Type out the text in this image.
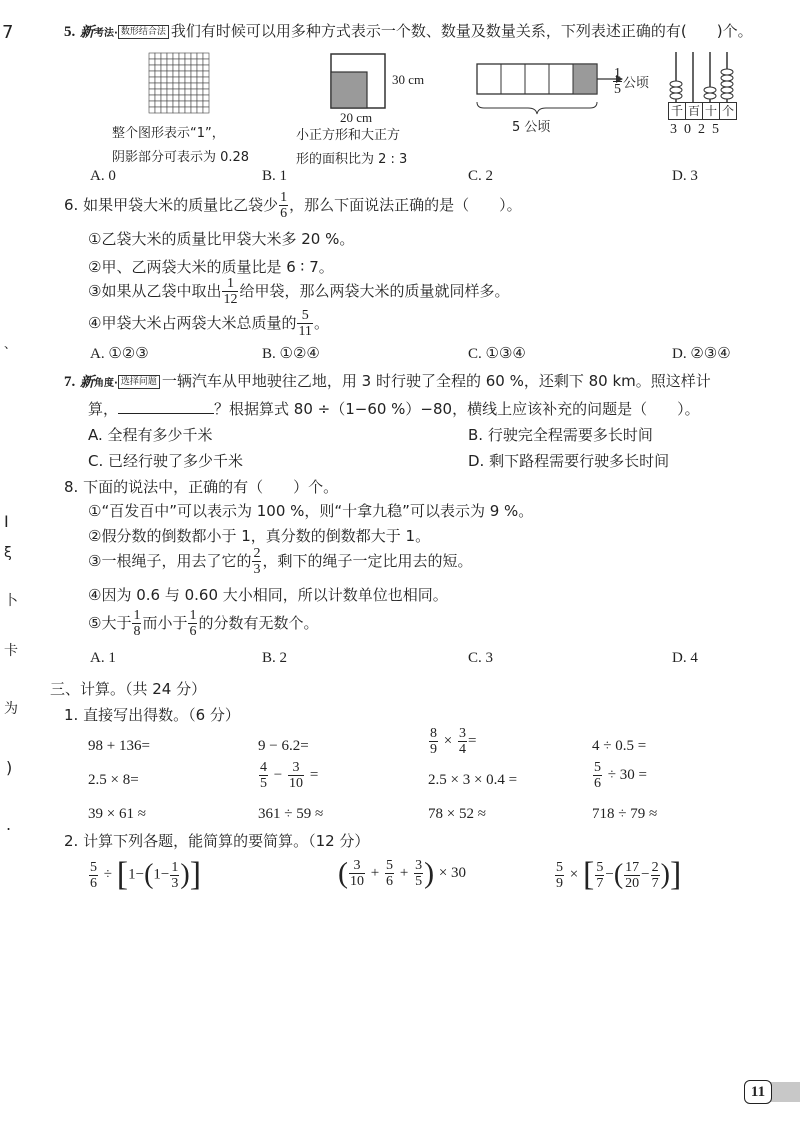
7
、
I
ξ
卜
卡
为
)
.
5. 新考法· 数形结合法 我们有时候可以用多种方式表示一个数、数量及数量关系，下列表述正确的有(　　)个。
整个图形表示“1”，
阴影部分可表示为 0.28
30 cm
20 cm
小正方形和大正方
形的面积比为 2 : 3
$\frac{1}{5}$ 公顷
5 公顷
千 百 十 个
3025
A. 0	B. 1	C. 2	D. 3
6. 如果甲袋大米的质量比乙袋少 $\frac{1}{6}$ ，那么下面说法正确的是（　　）。
①乙袋大米的质量比甲袋大米多 20 %。
②甲、乙两袋大米的质量比是 6 ∶ 7。
③如果从乙袋中取出 $\frac{1}{12}$ 给甲袋，那么两袋大米的质量就同样多。
④甲袋大米占两袋大米总质量的 $\frac{5}{11}$ 。
A. ①②③	B. ①②④	C. ①③④	D. ②③④
7. 新角度· 选择问题 一辆汽车从甲地驶往乙地，用 3 时行驶了全程的 60 %，还剩下 80 km。照这样计
算，	？根据算式 80 ÷（1−60 %）−80，横线上应该补充的问题是（　　）。
A. 全程有多少千米	B. 行驶完全程需要多长时间
C. 已经行驶了多少千米	D. 剩下路程需要行驶多长时间
8. 下面的说法中，正确的有（　　）个。
①“百发百中”可以表示为 100 %，则“十拿九稳”可以表示为 9 %。
②假分数的倒数都小于 1，真分数的倒数都大于 1。
③一根绳子，用去了它的 $\frac{2}{3}$ ，剩下的绳子一定比用去的短。
④因为 0.6 与 0.60 大小相同，所以计数单位也相同。
⑤大于 $\frac{1}{8}$ 而小于 $\frac{1}{6}$ 的分数有无数个。
A. 1	B. 2	C. 3	D. 4
三、计算。（共 24 分）
1. 直接写出得数。（6 分）
98 + 136=	9 − 6.2=	$\frac{8}{9} \times \frac{3}{4}$ =	4 ÷ 0.5 =
2.5 × 8=	$\frac{4}{5} - \frac{3}{10}$ =	2.5 × 3 × 0.4 =	$\frac{5}{6} \div 30$ =
39 × 61 ≈	361 ÷ 59 ≈	78 × 52 ≈	718 ÷ 79 ≈
2. 计算下列各题，能简算的要简算。（12 分）
$\frac{5}{6} \div [1-(1- \frac{1}{3}$ )]	( $\frac{3}{10} + \frac{5}{6} + \frac{3}{5}$ ) × 30	$\frac{5}{9}$ × [ $\frac{5}{7}$ −( $\frac{17}{20} - \frac{2}{7}$ )]
11
